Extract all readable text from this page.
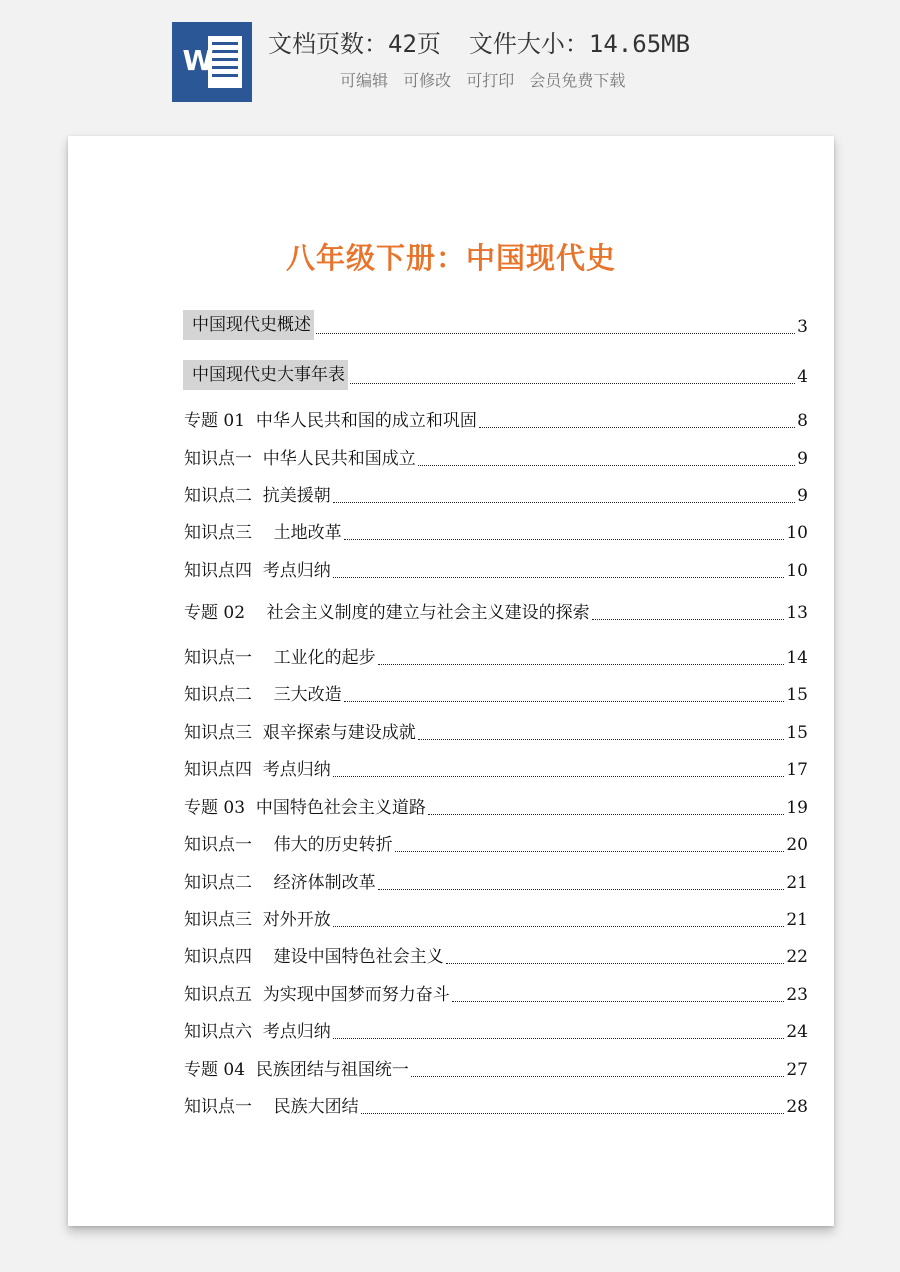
W 文档页数：42页 文件大小：14.65MB
可编辑 可修改 可打印 会员免费下载
八年级下册：中国现代史
中国现代史概述	3
中国现代史大事年表	4
专题 01  中华人民共和国的成立和巩固	8
知识点一  中华人民共和国成立	9
知识点二  抗美援朝	9
知识点三    土地改革	10
知识点四  考点归纳	10
专题 02    社会主义制度的建立与社会主义建设的探索	13
知识点一    工业化的起步	14
知识点二    三大改造	15
知识点三  艰辛探索与建设成就	15
知识点四  考点归纳	17
专题 03  中国特色社会主义道路	19
知识点一    伟大的历史转折	20
知识点二    经济体制改革	21
知识点三  对外开放	21
知识点四    建设中国特色社会主义	22
知识点五  为实现中国梦而努力奋斗	23
知识点六  考点归纳	24
专题 04  民族团结与祖国统一	27
知识点一    民族大团结	28
